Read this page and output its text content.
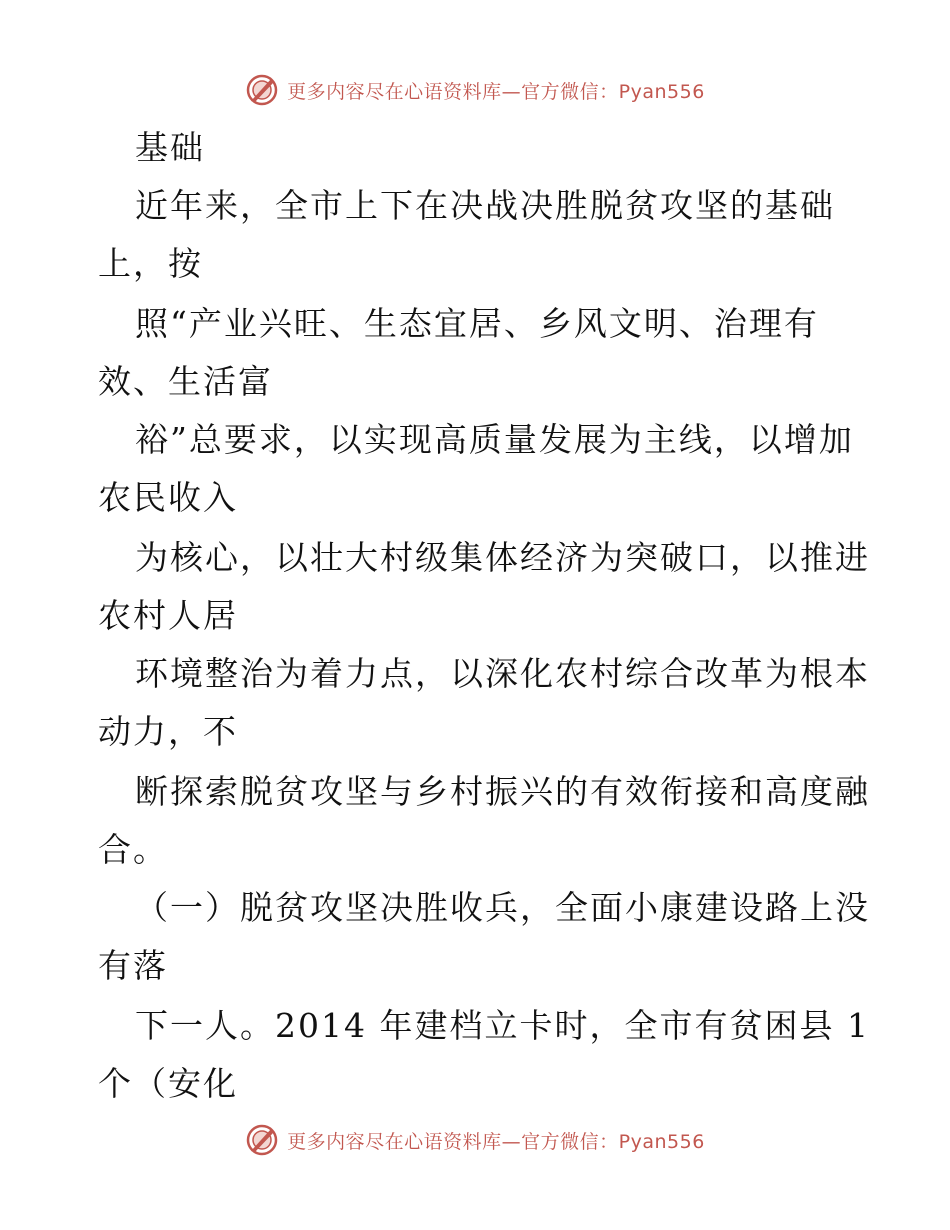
更多内容尽在心语资料库—官方微信：Pyan556
基础
近年来，全市上下在决战决胜脱贫攻坚的基础
上，按
照“产业兴旺、生态宜居、乡风文明、治理有
效、生活富
裕”总要求，以实现高质量发展为主线，以增加
农民收入
为核心，以壮大村级集体经济为突破口，以推进
农村人居
环境整治为着力点，以深化农村综合改革为根本
动力，不
断探索脱贫攻坚与乡村振兴的有效衔接和高度融
合。
（一）脱贫攻坚决胜收兵，全面小康建设路上没
有落
下一人。2014 年建档立卡时，全市有贫困县 1
个（安化
更多内容尽在心语资料库—官方微信：Pyan556
